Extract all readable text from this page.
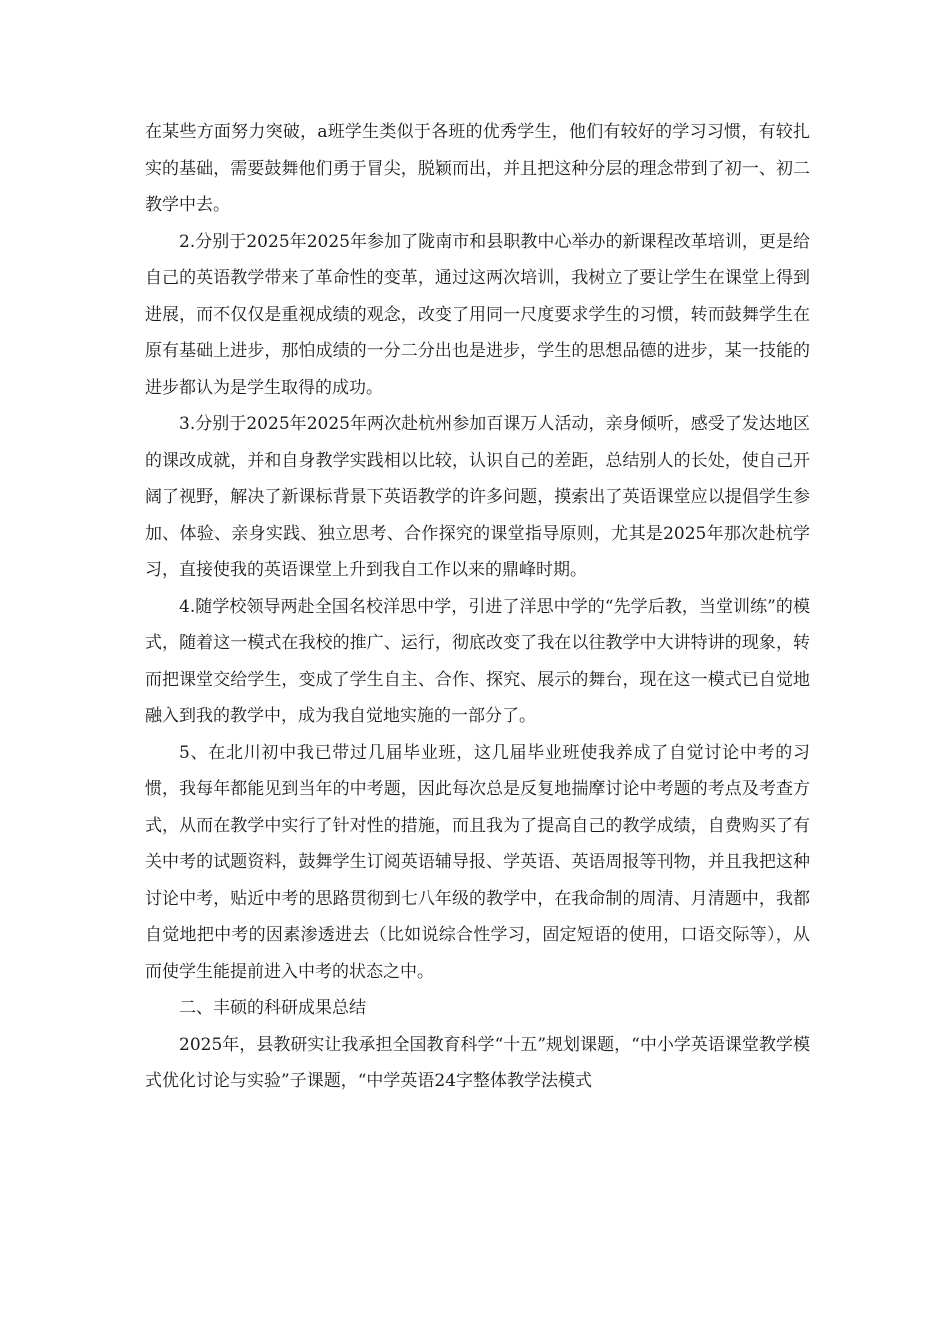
在某些方面努力突破，a班学生类似于各班的优秀学生，他们有较好的学习习惯，有较扎实的基础，需要鼓舞他们勇于冒尖，脱颖而出，并且把这种分层的理念带到了初一、初二教学中去。

2.分别于2025年2025年参加了陇南市和县职教中心举办的新课程改革培训，更是给自己的英语教学带来了革命性的变革，通过这两次培训，我树立了要让学生在课堂上得到进展，而不仅仅是重视成绩的观念，改变了用同一尺度要求学生的习惯，转而鼓舞学生在原有基础上进步，那怕成绩的一分二分出也是进步，学生的思想品德的进步，某一技能的进步都认为是学生取得的成功。

3.分别于2025年2025年两次赴杭州参加百课万人活动，亲身倾听，感受了发达地区的课改成就，并和自身教学实践相以比较，认识自己的差距，总结别人的长处，使自己开阔了视野，解决了新课标背景下英语教学的许多问题，摸索出了英语课堂应以提倡学生参加、体验、亲身实践、独立思考、合作探究的课堂指导原则，尤其是2025年那次赴杭学习，直接使我的英语课堂上升到我自工作以来的鼎峰时期。

4.随学校领导两赴全国名校洋思中学，引进了洋思中学的“先学后教，当堂训练”的模式，随着这一模式在我校的推广、运行，彻底改变了我在以往教学中大讲特讲的现象，转而把课堂交给学生，变成了学生自主、合作、探究、展示的舞台，现在这一模式已自觉地融入到我的教学中，成为我自觉地实施的一部分了。

5、在北川初中我已带过几届毕业班，这几届毕业班使我养成了自觉讨论中考的习惯，我每年都能见到当年的中考题，因此每次总是反复地揣摩讨论中考题的考点及考查方式，从而在教学中实行了针对性的措施，而且我为了提高自己的教学成绩，自费购买了有关中考的试题资料，鼓舞学生订阅英语辅导报、学英语、英语周报等刊物，并且我把这种讨论中考，贴近中考的思路贯彻到七八年级的教学中，在我命制的周清、月清题中，我都自觉地把中考的因素渗透进去（比如说综合性学习，固定短语的使用，口语交际等），从而使学生能提前进入中考的状态之中。

二、丰硕的科研成果总结

2025年，县教研实让我承担全国教育科学“十五”规划课题，“中小学英语课堂教学模式优化讨论与实验”子课题，“中学英语24字整体教学法模式
